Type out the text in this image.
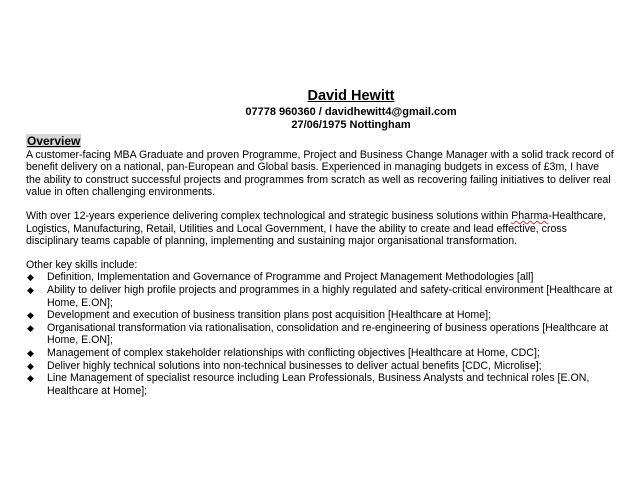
David Hewitt
07778 960360 / davidhewitt4@gmail.com
27/06/1975 Nottingham
Overview

A customer-facing MBA Graduate and proven Programme, Project and Business Change Manager with a solid track record of benefit delivery on a national, pan-European and Global basis. Experienced in managing budgets in excess of £3m, I have the ability to construct successful projects and programmes from scratch as well as recovering failing initiatives to deliver real value in often challenging environments.

With over 12-years experience delivering complex technological and strategic business solutions within Pharma-Healthcare, Logistics, Manufacturing, Retail, Utilities and Local Government, I have the ability to create and lead effective, cross disciplinary teams capable of planning, implementing and sustaining major organisational transformation.

Other key skills include:

◆ Definition, Implementation and Governance of Programme and Project Management Methodologies [all]
◆ Ability to deliver high profile projects and programmes in a highly regulated and safety-critical environment [Healthcare at Home, E.ON];
◆ Development and execution of business transition plans post acquisition [Healthcare at Home];
◆ Organisational transformation via rationalisation, consolidation and re-engineering of business operations [Healthcare at Home, E.ON];
◆ Management of complex stakeholder relationships with conflicting objectives [Healthcare at Home, CDC];
◆ Deliver highly technical solutions into non-technical businesses to deliver actual benefits [CDC, Microlise];
◆ Line Management of specialist resource including Lean Professionals, Business Analysts and technical roles [E.ON, Healthcare at Home];
